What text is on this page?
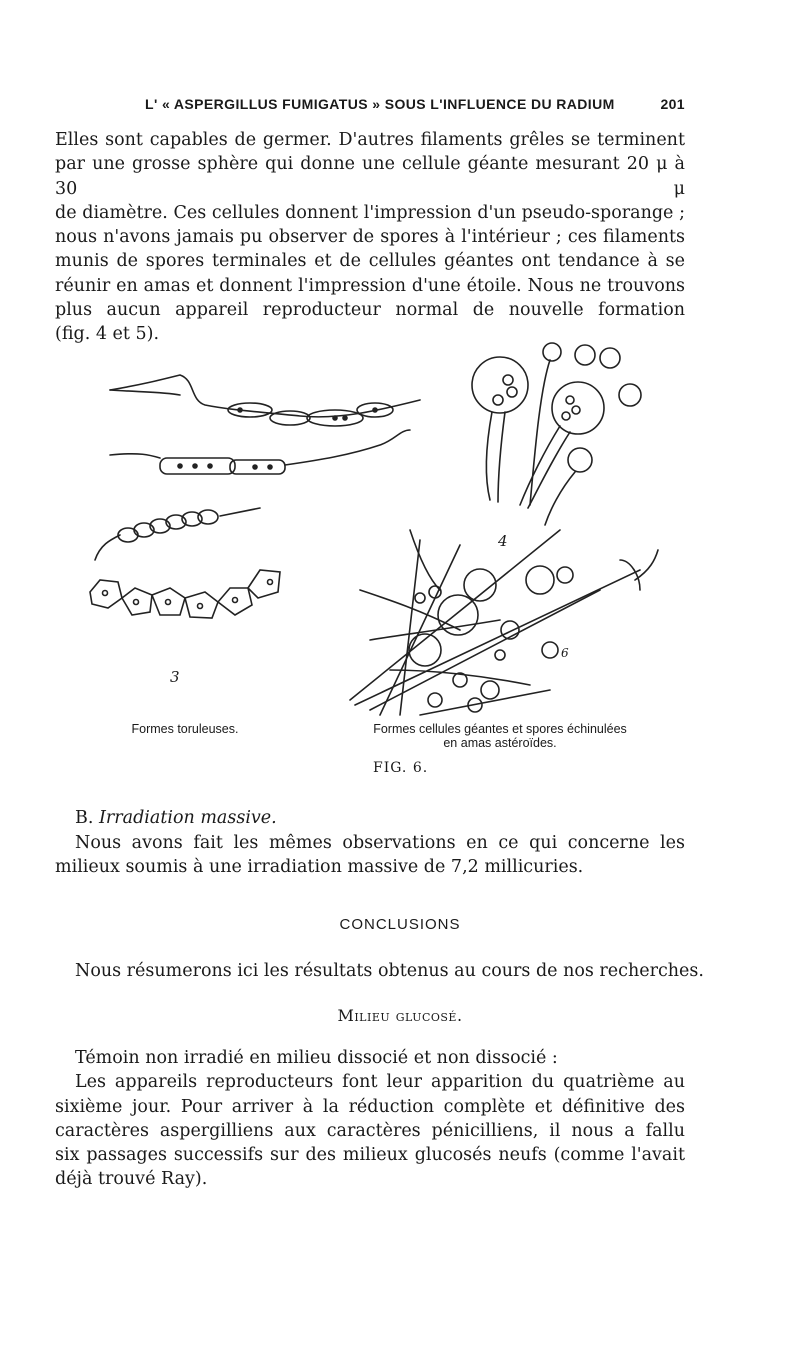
L' « ASPERGILLUS FUMIGATUS » SOUS L'INFLUENCE DU RADIUM	201
Elles sont capables de germer. D'autres filaments grêles se terminent
par une grosse sphère qui donne une cellule géante mesurant 20 μ à 30 μ
de diamètre. Ces cellules donnent l'impression d'un pseudo-sporange ;
nous n'avons jamais pu observer de spores à l'intérieur ; ces filaments
munis de spores terminales et de cellules géantes ont tendance à se
réunir en amas et donnent l'impression d'une étoile. Nous ne trouvons
plus aucun appareil reproducteur normal de nouvelle formation
(fig. 4 et 5).
3
4
6
Formes toruleuses.	Formes cellules géantes et spores échinulées
en amas astéroïdes.
FIG. 6.
B. Irradiation massive.
Nous avons fait les mêmes observations en ce qui concerne les
milieux soumis à une irradiation massive de 7,2 millicuries.
CONCLUSIONS
Nous résumerons ici les résultats obtenus au cours de nos recherches.
Milieu glucosé.
Témoin non irradié en milieu dissocié et non dissocié :
Les appareils reproducteurs font leur apparition du quatrième au
sixième jour. Pour arriver à la réduction complète et définitive des
caractères aspergilliens aux caractères pénicilliens, il nous a fallu
six passages successifs sur des milieux glucosés neufs (comme l'avait
déjà trouvé Ray).
